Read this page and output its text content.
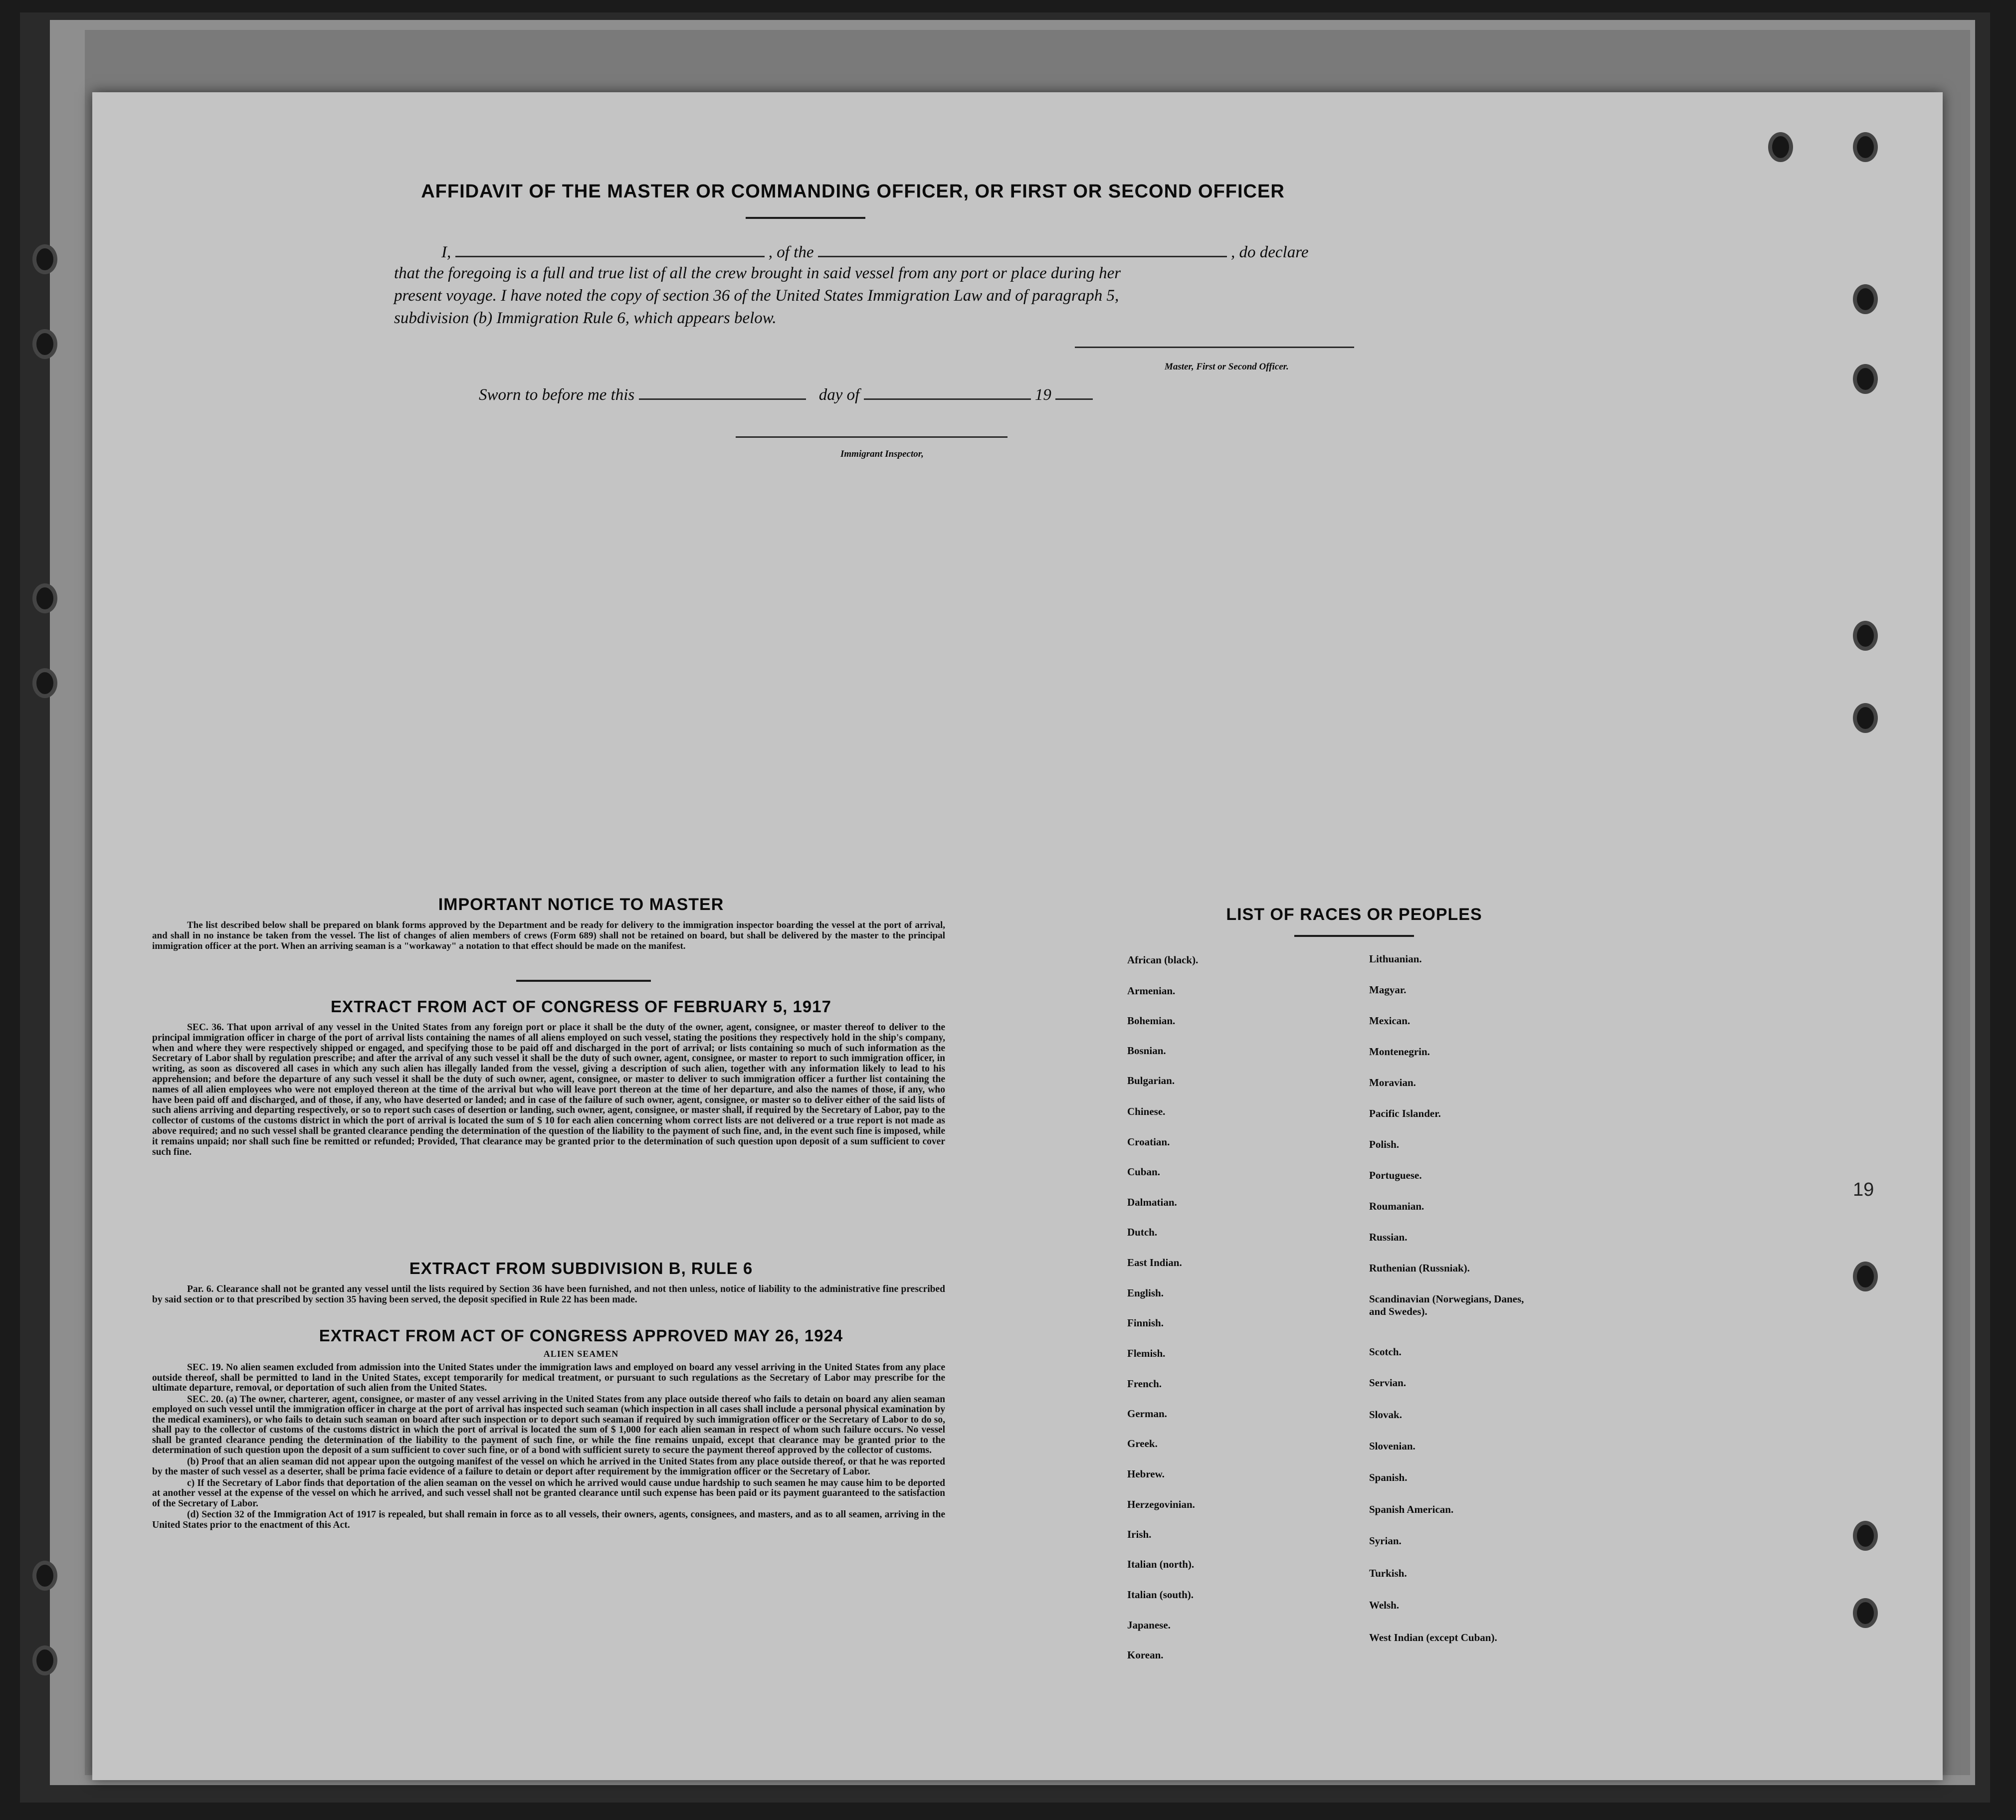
19
AFFIDAVIT OF THE MASTER OR COMMANDING OFFICER, OR FIRST OR SECOND OFFICER
I,	, of the	, do declare
that the foregoing is a full and true list of all the crew brought in said vessel from any port or place during her
present voyage. I have noted the copy of section 36 of the United States Immigration Law and of paragraph 5,
subdivision (b) Immigration Rule 6, which appears below.
Master, First or Second Officer.
Sworn to before me this	day of	19
Immigrant Inspector,
IMPORTANT NOTICE TO MASTER

The list described below shall be prepared on blank forms approved by the Department and be ready for delivery to the immigration inspector boarding the vessel at the port of arrival, and shall in no instance be taken from the vessel. The list of changes of alien members of crews (Form 689) shall not be retained on board, but shall be delivered by the master to the principal immigration officer at the port. When an arriving seaman is a "workaway" a notation to that effect should be made on the manifest.

EXTRACT FROM ACT OF CONGRESS OF FEBRUARY 5, 1917

SEC. 36. That upon arrival of any vessel in the United States from any foreign port or place it shall be the duty of the owner, agent, consignee, or master thereof to deliver to the principal immigration officer in charge of the port of arrival lists containing the names of all aliens employed on such vessel, stating the positions they respectively hold in the ship's company, when and where they were respectively shipped or engaged, and specifying those to be paid off and discharged in the port of arrival; or lists containing so much of such information as the Secretary of Labor shall by regulation prescribe; and after the arrival of any such vessel it shall be the duty of such owner, agent, consignee, or master to report to such immigration officer, in writing, as soon as discovered all cases in which any such alien has illegally landed from the vessel, giving a description of such alien, together with any information likely to lead to his apprehension; and before the departure of any such vessel it shall be the duty of such owner, agent, consignee, or master to deliver to such immigration officer a further list containing the names of all alien employees who were not employed thereon at the time of the arrival but who will leave port thereon at the time of her departure, and also the names of those, if any, who have been paid off and discharged, and of those, if any, who have deserted or landed; and in case of the failure of such owner, agent, consignee, or master so to deliver either of the said lists of such aliens arriving and departing respectively, or so to report such cases of desertion or landing, such owner, agent, consignee, or master shall, if required by the Secretary of Labor, pay to the collector of customs of the customs district in which the port of arrival is located the sum of $ 10 for each alien concerning whom correct lists are not delivered or a true report is not made as above required; and no such vessel shall be granted clearance pending the determination of the question of the liability to the payment of such fine, and, in the event such fine is imposed, while it remains unpaid; nor shall such fine be remitted or refunded; Provided, That clearance may be granted prior to the determination of such question upon deposit of a sum sufficient to cover such fine.

EXTRACT FROM SUBDIVISION B, RULE 6

Par. 6. Clearance shall not be granted any vessel until the lists required by Section 36 have been furnished, and not then unless, notice of liability to the administrative fine prescribed by said section or to that prescribed by section 35 having been served, the deposit specified in Rule 22 has been made.

EXTRACT FROM ACT OF CONGRESS APPROVED MAY 26, 1924
ALIEN SEAMEN

SEC. 19. No alien seamen excluded from admission into the United States under the immigration laws and employed on board any vessel arriving in the United States from any place outside thereof, shall be permitted to land in the United States, except temporarily for medical treatment, or pursuant to such regulations as the Secretary of Labor may prescribe for the ultimate departure, removal, or deportation of such alien from the United States.

SEC. 20. (a) The owner, charterer, agent, consignee, or master of any vessel arriving in the United States from any place outside thereof who fails to detain on board any alien seaman employed on such vessel until the immigration officer in charge at the port of arrival has inspected such seaman (which inspection in all cases shall include a personal physical examination by the medical examiners), or who fails to detain such seaman on board after such inspection or to deport such seaman if required by such immigration officer or the Secretary of Labor to do so, shall pay to the collector of customs of the customs district in which the port of arrival is located the sum of $ 1,000 for each alien seaman in respect of whom such failure occurs. No vessel shall be granted clearance pending the determination of the liability to the payment of such fine, or while the fine remains unpaid, except that clearance may be granted prior to the determination of such question upon the deposit of a sum sufficient to cover such fine, or of a bond with sufficient surety to secure the payment thereof approved by the collector of customs.

(b) Proof that an alien seaman did not appear upon the outgoing manifest of the vessel on which he arrived in the United States from any place outside thereof, or that he was reported by the master of such vessel as a deserter, shall be prima facie evidence of a failure to detain or deport after requirement by the immigration officer or the Secretary of Labor.

c) If the Secretary of Labor finds that deportation of the alien seaman on the vessel on which he arrived would cause undue hardship to such seamen he may cause him to be deported at another vessel at the expense of the vessel on which he arrived, and such vessel shall not be granted clearance until such expense has been paid or its payment guaranteed to the satisfaction of the Secretary of Labor.

(d) Section 32 of the Immigration Act of 1917 is repealed, but shall remain in force as to all vessels, their owners, agents, consignees, and masters, and as to all seamen, arriving in the United States prior to the enactment of this Act.

LIST OF RACES OR PEOPLES
African (black).
Armenian.
Bohemian.
Bosnian.
Bulgarian.
Chinese.
Croatian.
Cuban.
Dalmatian.
Dutch.
East Indian.
English.
Finnish.
Flemish.
French.
German.
Greek.
Hebrew.
Herzegovinian.
Irish.
Italian (north).
Italian (south).
Japanese.
Korean.
Lithuanian.
Magyar.
Mexican.
Montenegrin.
Moravian.
Pacific Islander.
Polish.
Portuguese.
Roumanian.
Russian.
Ruthenian (Russniak).
Scandinavian (Norwegians, Danes, and Swedes).
Scotch.
Servian.
Slovak.
Slovenian.
Spanish.
Spanish American.
Syrian.
Turkish.
Welsh.
West Indian (except Cuban).
